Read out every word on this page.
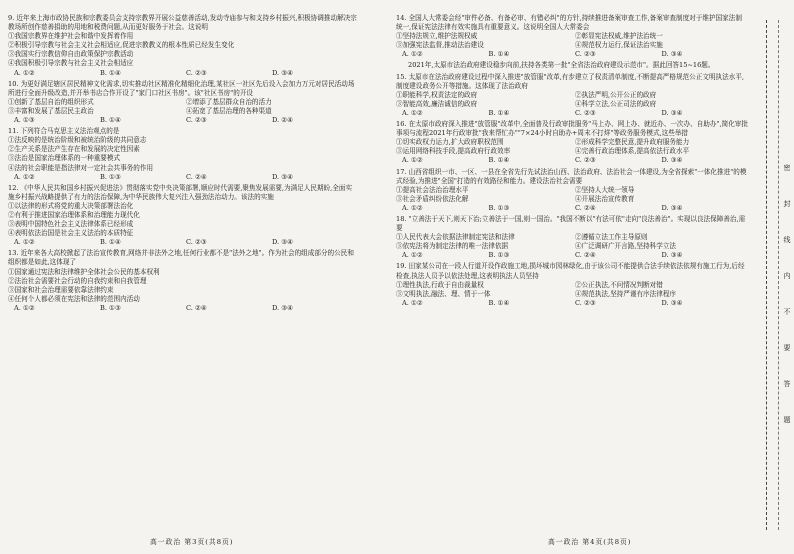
9. 近年来上海市政协民族和宗教委员会支持宗教界开展公益慈善活动,发动寺庙参与和支持乡村振兴,积极协调推动解决宗教场所创作慈善捐助的用地和税费问题,从而更好服务于社会。这说明
①我国宗教界在维护社会和谐中发挥着作用
②积极引导宗教与社会主义社会相适应,促进宗教教义的根本性质已经发生变化
③我国实行宗教信仰自由政策保护宗教活动
④我国积极引导宗教与社会主义社会相适应
A. ①②	B. ①④	C. ②③	D. ③④
10. 为更好满足辖区居民精神文化需求,切实推动社区精准化精细化治理,某社区一社区先后设入会加力万元对居民活动场所进行全面升级改造,并开举书店合作开设了"家门口社区书房"。该"社区书房"的开设
①创新了基层自治的组织形式	②增添了基层群众自治的活力
③丰富和发展了基层民主政治	④拓宽了基层治理的各种渠道
A. ①③	B. ①④	C. ②③	D. ②④
11. 下列符合马克思主义法治观点的是
①法反映的是统治阶级和被统治阶级的共同意志
②生产关系是法产生存在和发展的决定性因素
③法治是国家治理体系的一种重要模式
④法的社会职能是指法律对一定社会共事务的作用
A. ①②	B. ①③	C. ②④	D. ③④
12. 《中华人民共和国乡村振兴促进法》贯彻落实党中央决策部署,顺应时代需要,聚焦发展需要,为满足人民期盼,全面实施乡村振兴战略提供了有力的法治保障,为中华民族伟大复兴注入强劲法治动力。该法的实施
①以法律的形式将党的重大决策部署法治化
②有利于推进国家治理体系和治理能力现代化
③表明中国特色社会主义法律体系已经形成
④表明依法治国是社会主义法治的本质特征
A. ①②	B. ①④	C. ②③	D. ③④
13. 近年来各大高校掀起了法治宣传教育,网络并非法外之地,任何行业都不是"法外之地"。作为社会的组成部分的公民和组织都是如此,这体现了
①国家通过宪法和法律维护全体社会公民的基本权利
②法治社会需要社会行动的自我约束和自我管理
③国家和社会治理需要依靠法律约束
④任何个人都必须在宪法和法律的范围内活动
A. ①②	B. ①③	C. ②④	D. ③④
14. 全国人大常委会经"审件必备、有备必审、有错必纠"的方针,持续推进备案审查工作,备案审查制度对于维护国家法制统一,保证宪法法律有效实施具有重要意义。这说明全国人大常委会
①坚持法规立,维护法规权威	②彰显宪法权威,维护法治统一
③加强宪法监督,推动法治建设	④规范权力运行,保证法治实施
A. ①②	B. ①④	C. ②③	D. ③④
2021年,太原市法治政府建设稳步向前,扶持各类第一批"全省法治政府建设示范市"。据此回答15~16题。
15. 太原市在法治政府建设过程中深入推进"放管服"改革,有步建立了权责清单制度,不断提高严格规范公正文明执法水平,制度建设政务公开等措施。这体现了法治政府
①职能科学,权责法定的政府	②执法严明,公开公正的政府
③智能高效,廉洁诚信的政府	④科学立法,公正司法的政府
A. ①②	B. ①④	C. ②③	D. ③④
16. 在太原市政府深入推进"放管服"改革中,全面普及行政审批服务"马上办、网上办、就近办、一次办、自助办",简化审批事项与流程2021年行政审批"我来帮忙办""7×24小时自助办+周末不打烊"等政务服务模式,这些举措
①切实政权力运力,扩大政府职权范围	②形成科学完整民意,提升政府服务能力
③运用网络科技手段,提高政府行政效率	④完善行政治理体系,提高依法行政水平
A. ①②	B. ①④	C. ②③	D. ③④
17. 山西省组织一市、一区、一县在全省先行先试法治山西、法治政府、法治社会一体建设,为全省探索"一体化推进"的模式经验,为推进"全国"打造的有效路径和能力。建设法治社会需要
①提高社会法治治理水平	②坚持人大统一领导
③社会矛盾纠纷依法化解	④开展法治宣传教育
A. ①②	B. ①③	C. ②④	D. ③④
18. "立善法于天下,则天下治;立善法于一国,则一国治。"我国不断以"有法可依"走向"良法善治"。实现以良法保障善治,需要
①人民代表大会依据法律制定宪法和法律	②遵循立法工作主导原则
③依宪法将为制定法律的唯一法律依据	④广泛调研广开言路,坚持科学立法
A. ①②	B. ①③	C. ②④	D. ③④
19. 田家某公司在一段人行道开设作政施工地,损坏城市园林绿化,由于该公司不能提供合法手续依法依规有施工行为,后经检查,执法人员予以依法处理,这表明执法人员坚持
①理性执法,行政于自由裁量权	②公正执法,不问情况判断对错
③文明执法,融法、理、情于一体	④规范执法,坚持严谨有序法律程序
A. ①②	B. ①④	C. ②③	D. ③④
高一政治 第3页(共8页)	高一政治 第4页(共8页)
密
封
线
内
不
要
答
题
